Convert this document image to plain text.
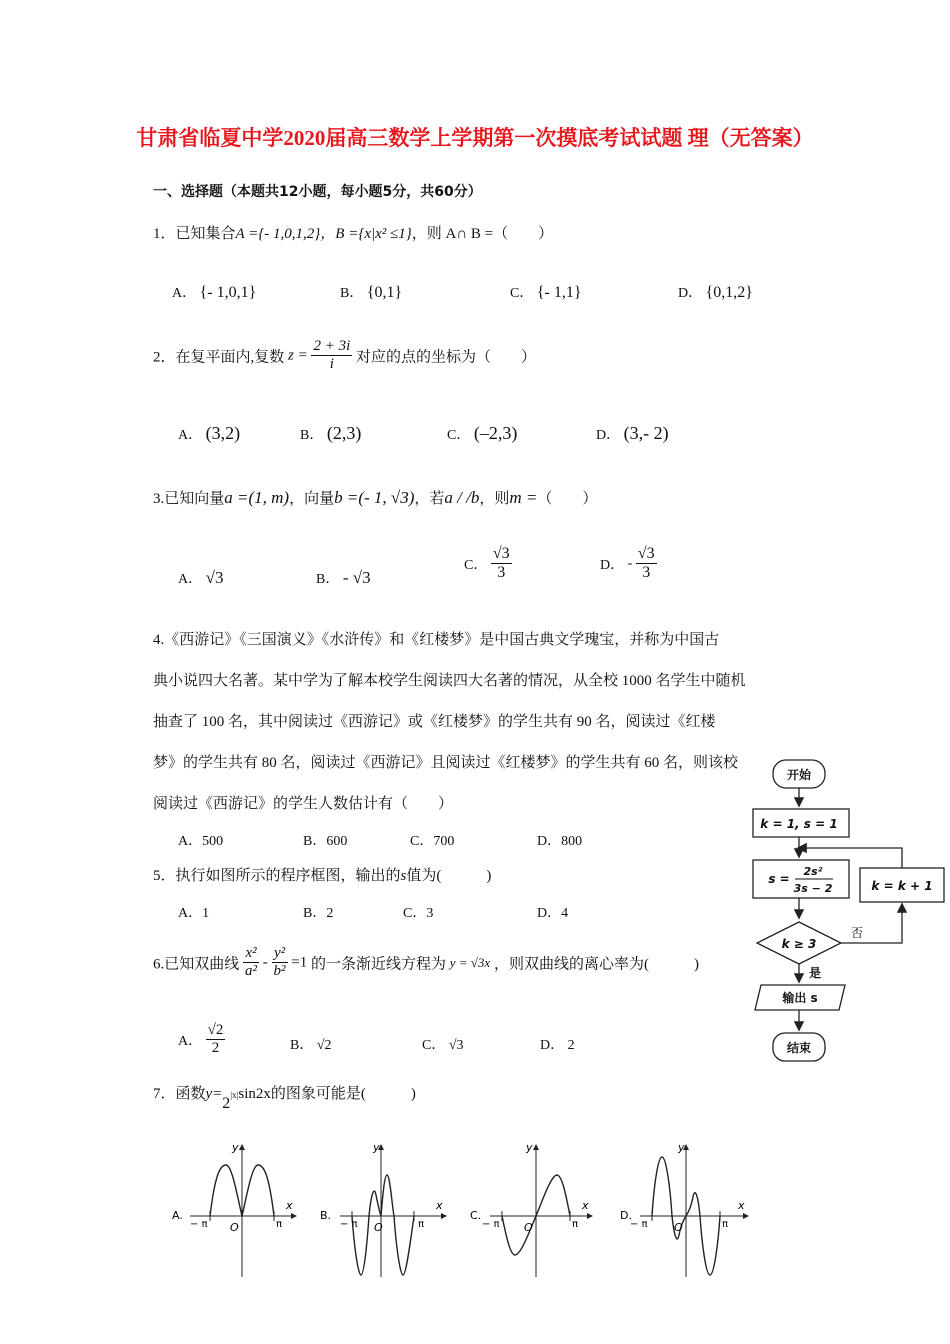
甘肃省临夏中学2020届高三数学上学期第一次摸底考试试题 理（无答案）
一、选择题（本题共12小题，每小题5分，共60分）
1．已知集合A ={- 1,0,1,2}，B ={x|x² ≤1}，则 A∩ B =（　　）
A． {- 1,0,1}	B． {0,1}	C． {- 1,1}	D． {0,1,2}
2．在复平面内,复数 $z = \frac{2 + 3i}{i}$ 对应的点的坐标为（　　）
A． (3,2)	B． (2,3)	C． (–2,3)	D． (3,- 2)
3.已知向量a =(1, m)，向量b =(- 1, √3)，若a / /b，则m =（　　）
A． √3	B． - √3
C． $\frac{√3}{3}$	D． - $\frac{√3}{3}$
4.《西游记》《三国演义》《水浒传》和《红楼梦》是中国古典文学瑰宝，并称为中国古
典小说四大名著。某中学为了解本校学生阅读四大名著的情况，从全校 1000 名学生中随机
抽查了 100 名，其中阅读过《西游记》或《红楼梦》的学生共有 90 名，阅读过《红楼
梦》的学生共有 80 名，阅读过《西游记》且阅读过《红楼梦》的学生共有 60 名，则该校
阅读过《西游记》的学生人数估计有（　　）
A．500	B．600	C．700	D．800
5．执行如图所示的程序框图，输出的s值为(　　　)
A．1	B．2	C．3	D．4
开始
k = 1, s = 1
s =
2s²
3s − 2	k = k + 1
k ≥ 3
否
是
输出 s
结束
6.已知双曲线 $\frac{\text{x²}}{\text{a²}} - \frac{\text{y²}}{\text{b²}} =1$ 的一条渐近线方程为 y = √3x ，则双曲线的离心率为(　　　)
A． $\frac{√2}{2}$	B． √2	C． √3	D． 2
7．函数y=2|x|sin2x的图象可能是(　　　)
A.
y
x
O
− π	π
B.
y
x
O
− π	π
C.
y
x
O
− π	π
D.
y
x
O
− π	π
